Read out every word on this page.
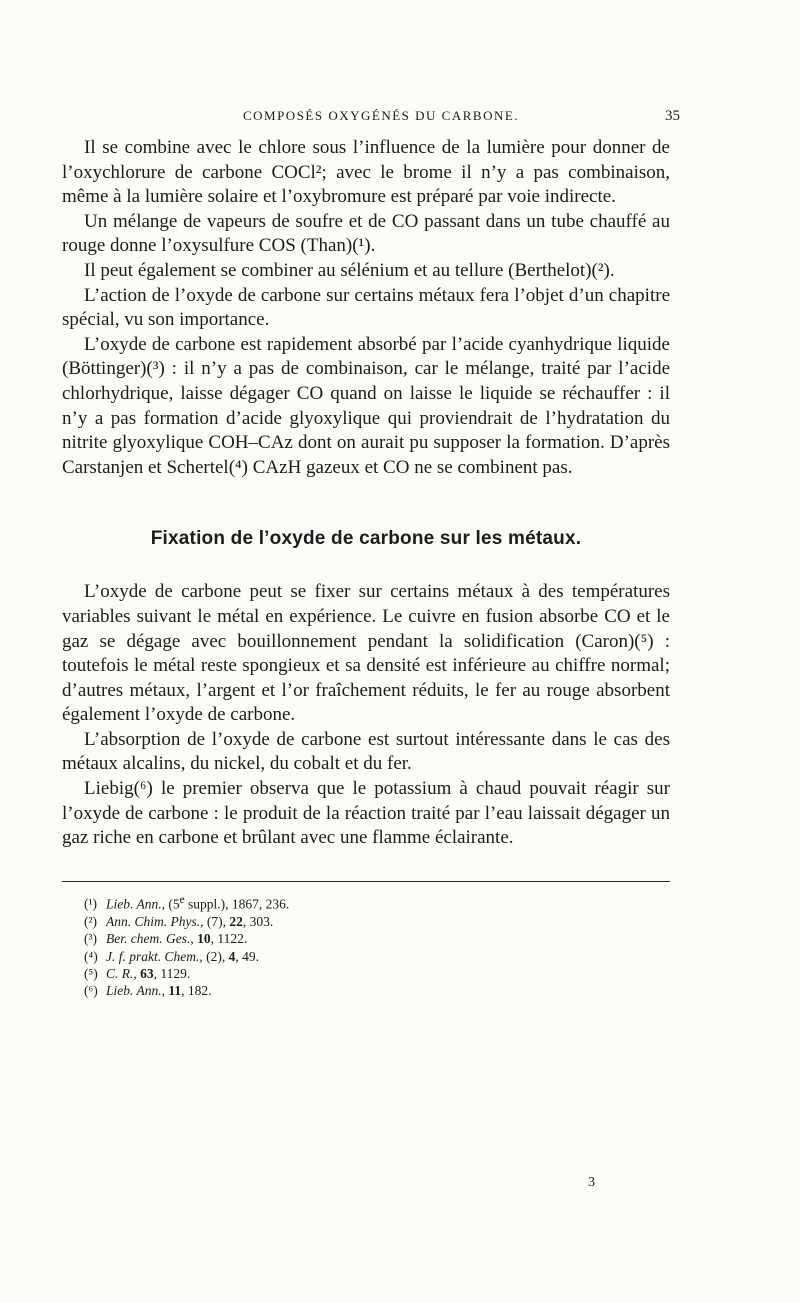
COMPOSÉS OXYGÉNÉS DU CARBONE.	35

Il se combine avec le chlore sous l’influence de la lumière pour donner de l’oxychlorure de carbone COCl²; avec le brome il n’y a pas combinaison, même à la lumière solaire et l’oxybromure est préparé par voie indirecte.

Un mélange de vapeurs de soufre et de CO passant dans un tube chauffé au rouge donne l’oxysulfure COS (Than)(¹).

Il peut également se combiner au sélénium et au tellure (Berthelot)(²).

L’action de l’oxyde de carbone sur certains métaux fera l’objet d’un chapitre spécial, vu son importance.

L’oxyde de carbone est rapidement absorbé par l’acide cyanhydrique liquide (Böttinger)(³) : il n’y a pas de combinaison, car le mélange, traité par l’acide chlorhydrique, laisse dégager CO quand on laisse le liquide se réchauffer : il n’y a pas formation d’acide glyoxylique qui proviendrait de l’hydratation du nitrite glyoxylique COH–CAz dont on aurait pu supposer la formation. D’après Carstanjen et Schertel(⁴) CAzH gazeux et CO ne se combinent pas.

Fixation de l’oxyde de carbone sur les métaux.

L’oxyde de carbone peut se fixer sur certains métaux à des températures variables suivant le métal en expérience. Le cuivre en fusion absorbe CO et le gaz se dégage avec bouillonnement pendant la solidification (Caron)(⁵) : toutefois le métal reste spongieux et sa densité est inférieure au chiffre normal; d’autres métaux, l’argent et l’or fraîchement réduits, le fer au rouge absorbent également l’oxyde de carbone.

L’absorption de l’oxyde de carbone est surtout intéressante dans le cas des métaux alcalins, du nickel, du cobalt et du fer.

Liebig(⁶) le premier observa que le potassium à chaud pouvait réagir sur l’oxyde de carbone : le produit de la réaction traité par l’eau laissait dégager un gaz riche en carbone et brûlant avec une flamme éclairante.

(¹) Lieb. Ann., (5e suppl.), 1867, 236.
(²) Ann. Chim. Phys., (7), 22, 303.
(³) Ber. chem. Ges., 10, 1122.
(⁴) J. f. prakt. Chem., (2), 4, 49.
(⁵) C. R., 63, 1129.
(⁶) Lieb. Ann., 11, 182.
3
